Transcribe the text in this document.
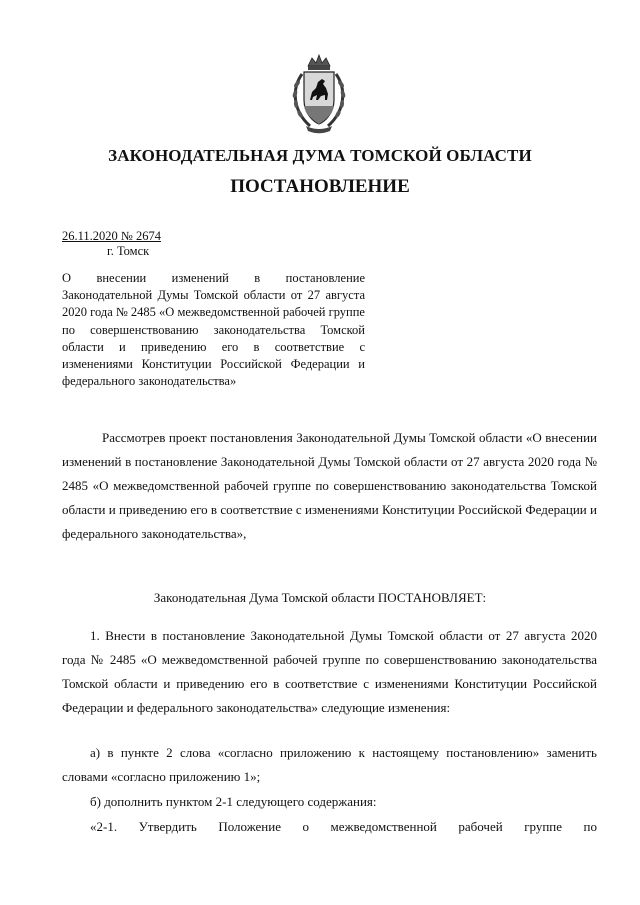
ЗАКОНОДАТЕЛЬНАЯ ДУМА ТОМСКОЙ ОБЛАСТИ
ПОСТАНОВЛЕНИЕ
26.11.2020 № 2674
г. Томск
О внесении изменений в постановление Законодательной Думы Томской области от 27 августа 2020 года № 2485 «О межведомственной рабочей группе по совершенствованию законодательства Томской области и приведению его в соответствие с изменениями Конституции Российской Федерации и федерального законодательства»
Рассмотрев проект постановления Законодательной Думы Томской области «О внесении изменений в постановление Законодательной Думы Томской области от 27 августа 2020 года № 2485 «О межведомственной рабочей группе по совершенствованию законодательства Томской области и приведению его в соответствие с изменениями Конституции Российской Федерации и федерального законодательства»,
Законодательная Дума Томской области ПОСТАНОВЛЯЕТ:
1. Внести в постановление Законодательной Думы Томской области от 27 августа 2020 года № 2485 «О межведомственной рабочей группе по совершенствованию законодательства Томской области и приведению его в соответствие с изменениями Конституции Российской Федерации и федерального законодательства» следующие изменения:
а) в пункте 2 слова «согласно приложению к настоящему постановлению» заменить словами «согласно приложению 1»;
б) дополнить пунктом 2-1 следующего содержания:
«2-1. Утвердить Положение о межведомственной рабочей группе по
